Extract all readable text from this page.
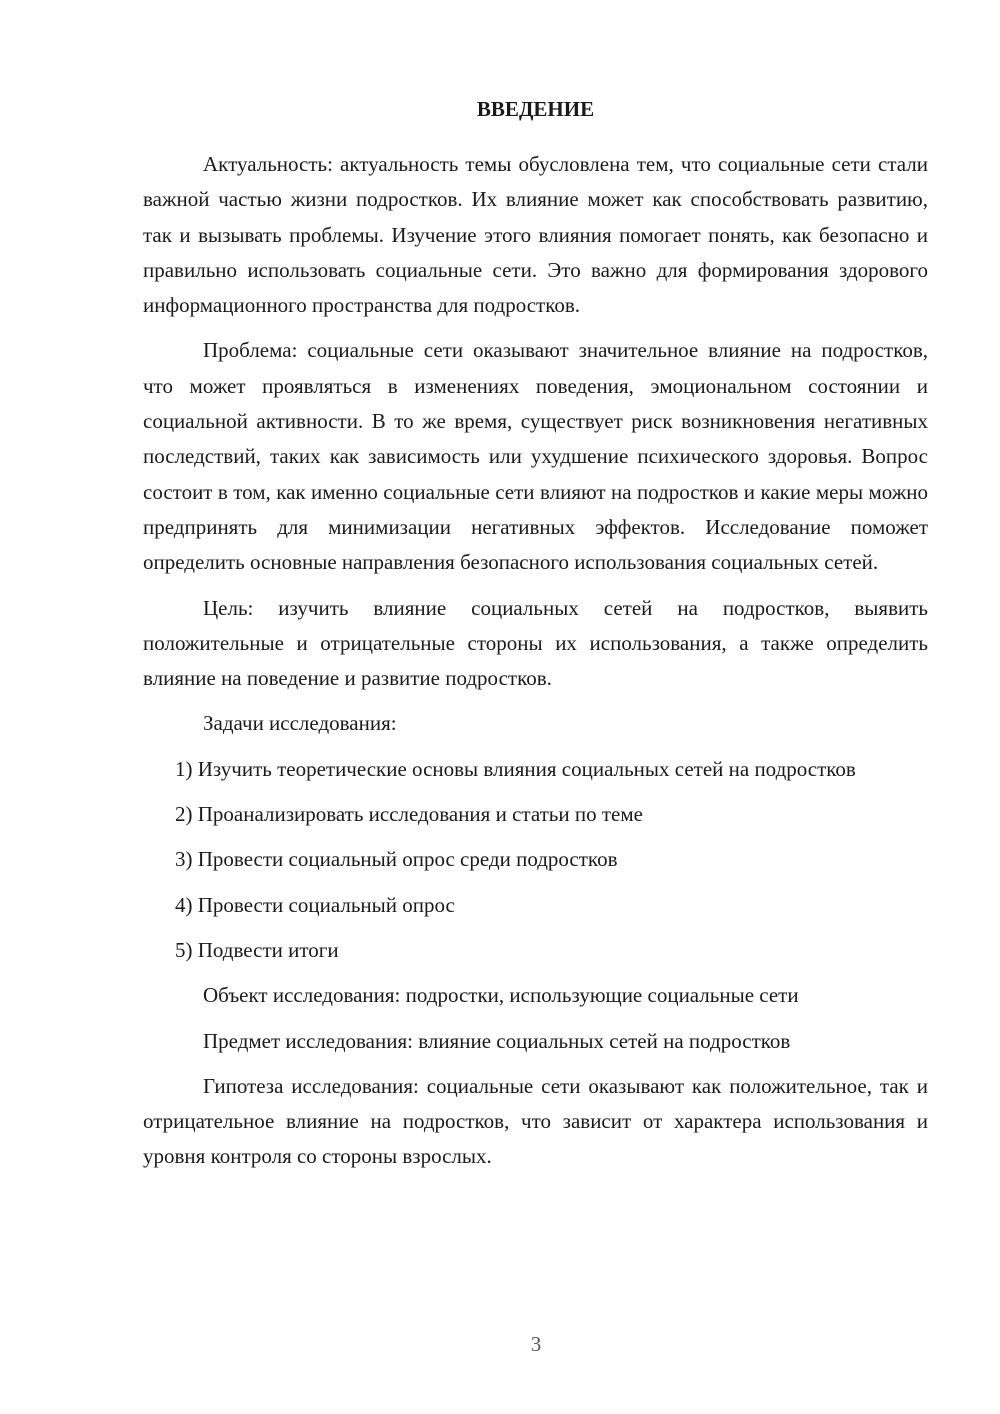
ВВЕДЕНИЕ

Актуальность: актуальность темы обусловлена тем, что социальные сети стали важной частью жизни подростков. Их влияние может как способствовать развитию, так и вызывать проблемы. Изучение этого влияния помогает понять, как безопасно и правильно использовать социальные сети. Это важно для формирования здорового информационного пространства для подростков.

Проблема: социальные сети оказывают значительное влияние на подростков, что может проявляться в изменениях поведения, эмоциональном состоянии и социальной активности. В то же время, существует риск возникновения негативных последствий, таких как зависимость или ухудшение психического здоровья. Вопрос состоит в том, как именно социальные сети влияют на подростков и какие меры можно предпринять для минимизации негативных эффектов. Исследование поможет определить основные направления безопасного использования социальных сетей.

Цель: изучить влияние социальных сетей на подростков, выявить положительные и отрицательные стороны их использования, а также определить влияние на поведение и развитие подростков.

Задачи исследования:

1) Изучить теоретические основы влияния социальных сетей на подростков

2) Проанализировать исследования и статьи по теме

3) Провести социальный опрос среди подростков

4) Провести социальный опрос

5) Подвести итоги

Объект исследования: подростки, использующие социальные сети

Предмет исследования: влияние социальных сетей на подростков

Гипотеза исследования: социальные сети оказывают как положительное, так и отрицательное влияние на подростков, что зависит от характера использования и уровня контроля со стороны взрослых.

3
